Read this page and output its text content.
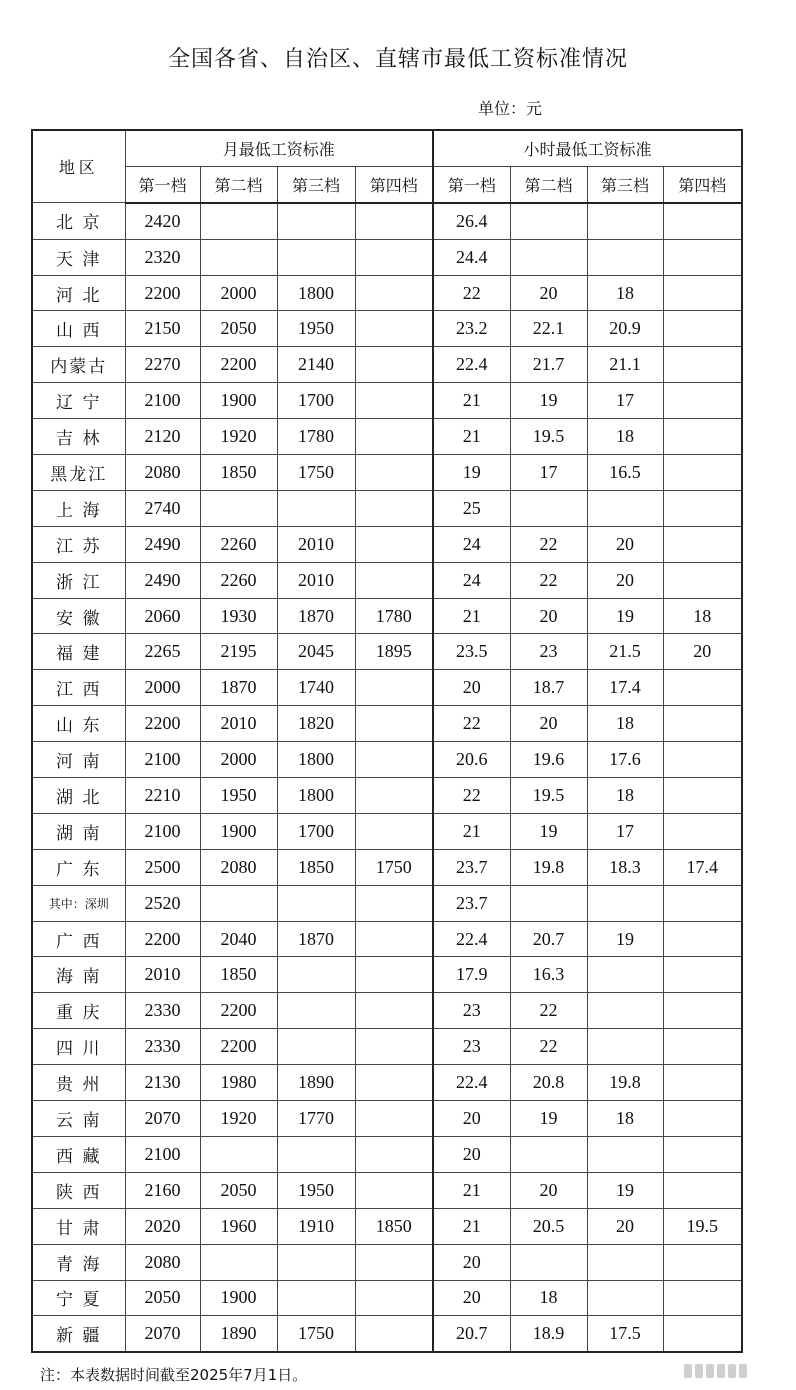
全国各省、自治区、直辖市最低工资标准情况
单位：元
地区	月最低工资标准				小时最低工资标准			
	第一档	第二档	第三档	第四档	第一档	第二档	第三档	第四档
北 京	2420				26.4			
天 津	2320				24.4			
河 北	2200	2000	1800		22	20	18	
山 西	2150	2050	1950		23.2	22.1	20.9	
内蒙古	2270	2200	2140		22.4	21.7	21.1	
辽 宁	2100	1900	1700		21	19	17	
吉 林	2120	1920	1780		21	19.5	18	
黑龙江	2080	1850	1750		19	17	16.5	
上 海	2740				25			
江 苏	2490	2260	2010		24	22	20	
浙 江	2490	2260	2010		24	22	20	
安 徽	2060	1930	1870	1780	21	20	19	18
福 建	2265	2195	2045	1895	23.5	23	21.5	20
江 西	2000	1870	1740		20	18.7	17.4	
山 东	2200	2010	1820		22	20	18	
河 南	2100	2000	1800		20.6	19.6	17.6	
湖 北	2210	1950	1800		22	19.5	18	
湖 南	2100	1900	1700		21	19	17	
广 东	2500	2080	1850	1750	23.7	19.8	18.3	17.4
其中：深圳	2520				23.7			
广 西	2200	2040	1870		22.4	20.7	19	
海 南	2010	1850			17.9	16.3		
重 庆	2330	2200			23	22		
四 川	2330	2200			23	22		
贵 州	2130	1980	1890		22.4	20.8	19.8	
云 南	2070	1920	1770		20	19	18	
西 藏	2100				20			
陕 西	2160	2050	1950		21	20	19	
甘 肃	2020	1960	1910	1850	21	20.5	20	19.5
青 海	2080				20			
宁 夏	2050	1900			20	18		
新 疆	2070	1890	1750		20.7	18.9	17.5	
注：本表数据时间截至2025年7月1日。
